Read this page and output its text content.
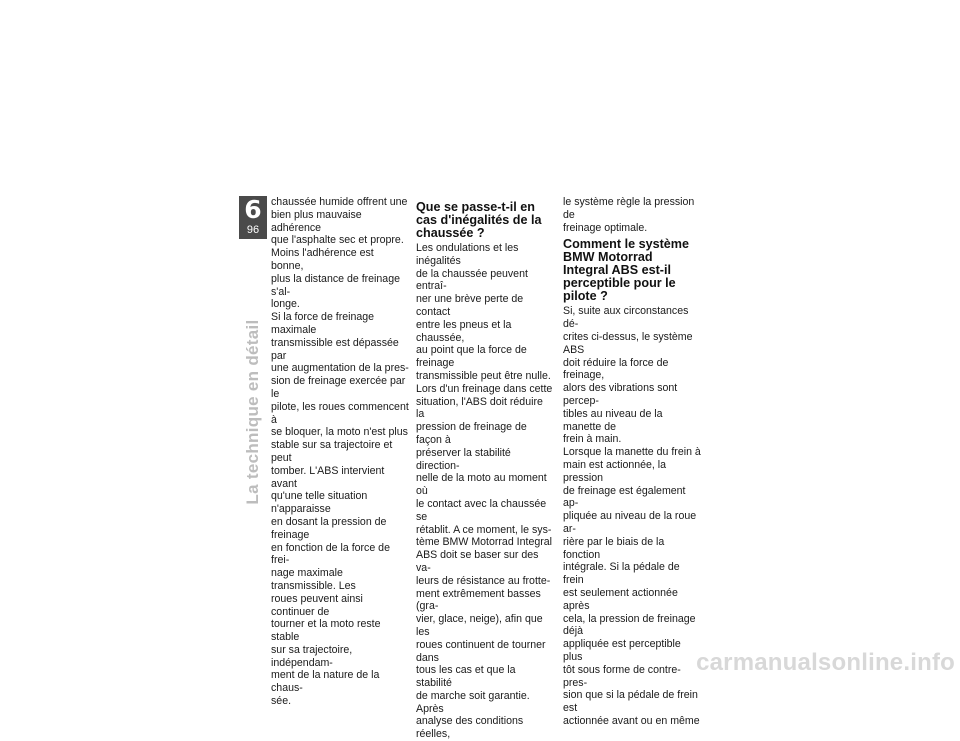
6
96
La technique en détail

chaussée humide offrent une

bien plus mauvaise adhérence

que l'asphalte sec et propre.

Moins l'adhérence est bonne,

plus la distance de freinage s'al-

longe.

Si la force de freinage maximale

transmissible est dépassée par

une augmentation de la pres-

sion de freinage exercée par le

pilote, les roues commencent à

se bloquer, la moto n'est plus

stable sur sa trajectoire et peut

tomber. L'ABS intervient avant

qu'une telle situation n'apparaisse

en dosant la pression de freinage

en fonction de la force de frei-

nage maximale transmissible. Les

roues peuvent ainsi continuer de

tourner et la moto reste stable

sur sa trajectoire, indépendam-

ment de la nature de la chaus-

sée.

Que se passe-t-il en cas d'inégalités de la chaussée ?

Les ondulations et les inégalités

de la chaussée peuvent entraî-

ner une brève perte de contact

entre les pneus et la chaussée,

au point que la force de freinage

transmissible peut être nulle.

Lors d'un freinage dans cette

situation, l'ABS doit réduire la

pression de freinage de façon à

préserver la stabilité direction-

nelle de la moto au moment où

le contact avec la chaussée se

rétablit. A ce moment, le sys-

tème BMW Motorrad Integral

ABS doit se baser sur des va-

leurs de résistance au frotte-

ment extrêmement basses (gra-

vier, glace, neige), afin que les

roues continuent de tourner dans

tous les cas et que la stabilité

de marche soit garantie. Après

analyse des conditions réelles,

le système règle la pression de

freinage optimale.

Comment le système BMW Motorrad Integral ABS est-il perceptible pour le pilote ?

Si, suite aux circonstances dé-

crites ci-dessus, le système ABS

doit réduire la force de freinage,

alors des vibrations sont percep-

tibles au niveau de la manette de

frein à main.

Lorsque la manette du frein à

main est actionnée, la pression

de freinage est également ap-

pliquée au niveau de la roue ar-

rière par le biais de la fonction

intégrale. Si la pédale de frein

est seulement actionnée après

cela, la pression de freinage déjà

appliquée est perceptible plus

tôt sous forme de contre-pres-

sion que si la pédale de frein est

actionnée avant ou en même

carmanualsonline.info
